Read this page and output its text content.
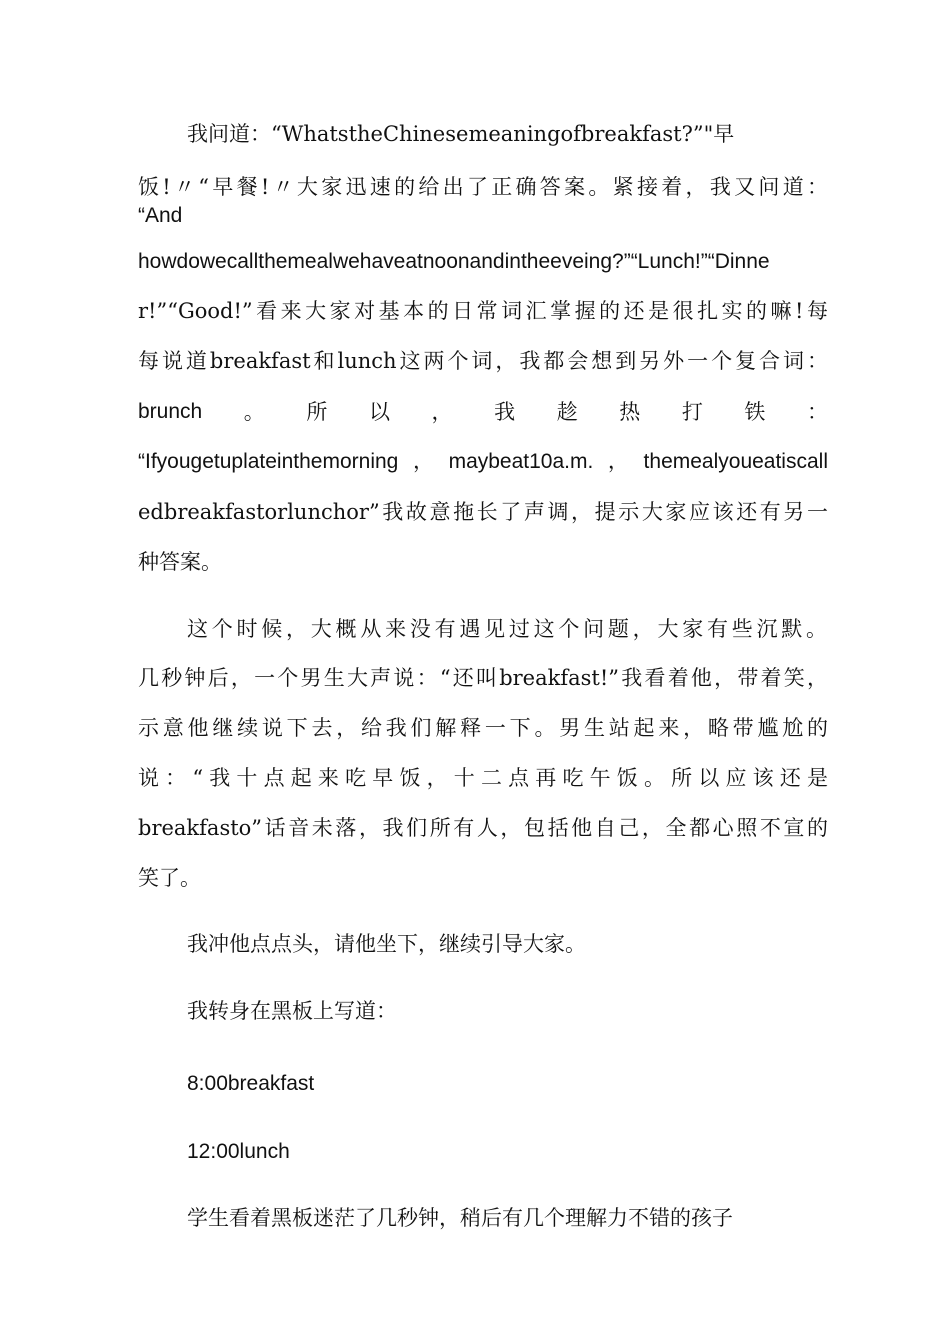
我问道：“WhatstheChinesemeaningofbreakfast?”"早
饭!〃“早餐!〃大家迅速的给出了正确答案。紧接着，我又问道：
“And
howdowecallthemealwehaveatnoonandintheeveing?”“Lunch!”“Dinne
r!”“Good!”看来大家对基本的日常词汇掌握的还是很扎实的嘛!每
每说道breakfast和lunch这两个词，我都会想到另外一个复合词：
brunch 。 所 以 ， 我 趁 热 打 铁 ：
“Ifyougetuplateinthemorning，maybeat10a.m.，themealyoueatiscall
edbreakfastorlunchor”我故意拖长了声调，提示大家应该还有另一
种答案。
这个时候，大概从来没有遇见过这个问题，大家有些沉默。
几秒钟后，一个男生大声说：“还叫breakfast!”我看着他，带着笑，
示意他继续说下去，给我们解释一下。男生站起来，略带尴尬的
说：“我十点起来吃早饭，十二点再吃午饭。所以应该还是
breakfasto”话音未落，我们所有人，包括他自己，全都心照不宣的
笑了。
我冲他点点头，请他坐下，继续引导大家。
我转身在黑板上写道：
8:00breakfast
12:00lunch
学生看着黑板迷茫了几秒钟，稍后有几个理解力不错的孩子
